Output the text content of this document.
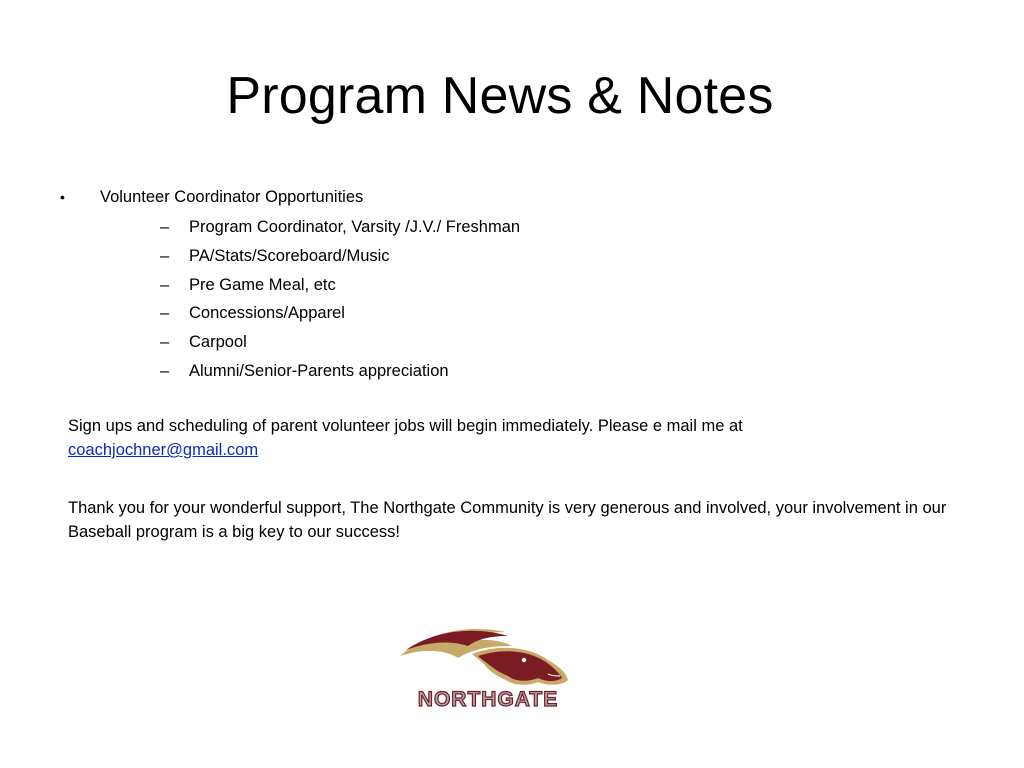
Program News & Notes
• Volunteer Coordinator Opportunities
– Program Coordinator, Varsity /J.V./ Freshman
– PA/Stats/Scoreboard/Music
– Pre Game Meal, etc
– Concessions/Apparel
– Carpool
– Alumni/Senior-Parents appreciation

Sign ups and scheduling of parent volunteer jobs will begin immediately. Please e mail me at
coachjochner@gmail.com

Thank you for your wonderful support, The Northgate Community is very generous and involved, your involvement in our Baseball program is a big key to our success!

NORTHGATE
